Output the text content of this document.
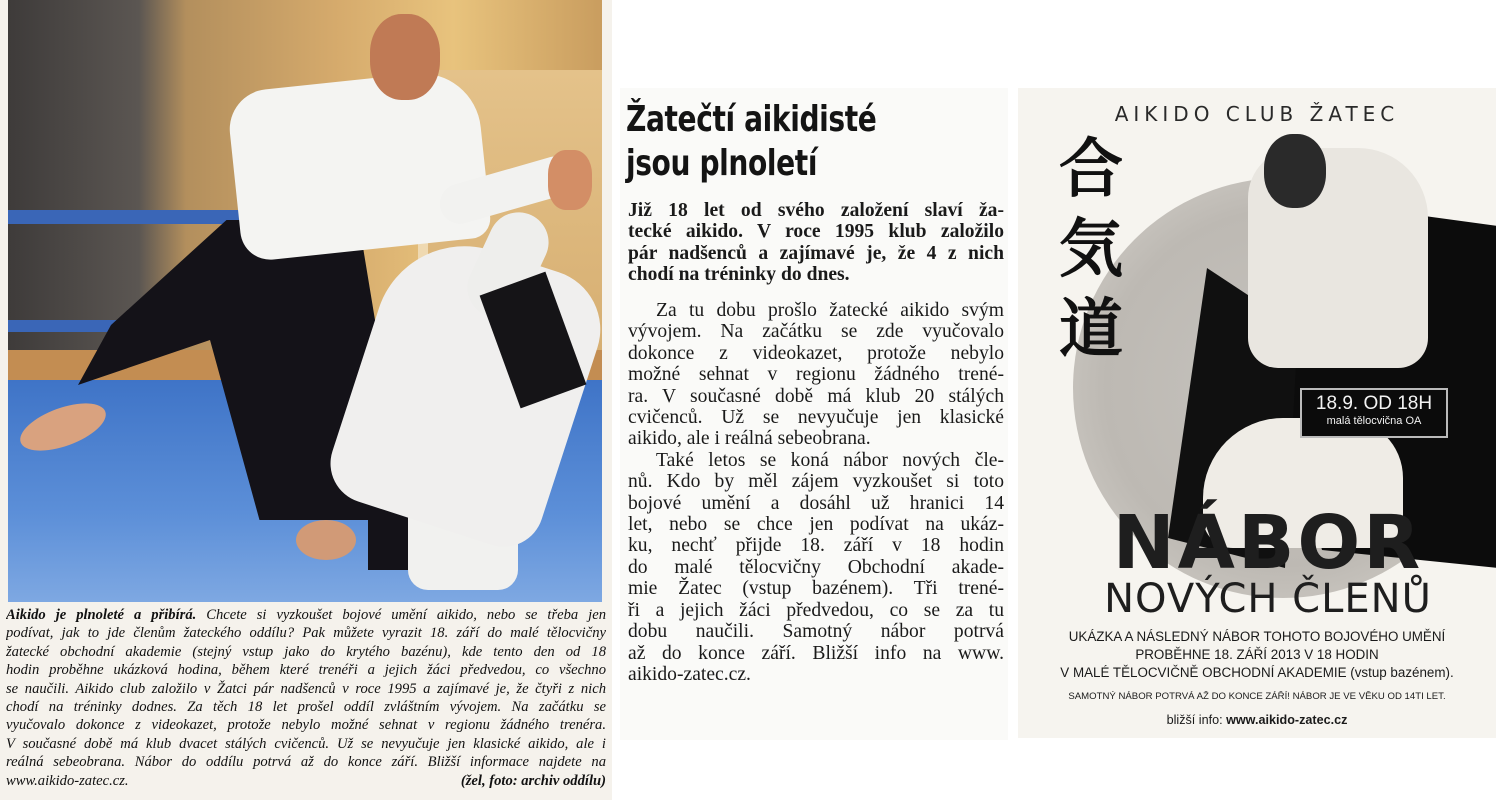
Aikido je plnoleté a přibírá. Chcete si vyzkoušet bojové umění aikido, nebo se třeba jen
podívat, jak to jde členům žateckého oddílu? Pak můžete vyrazit 18. září do malé tělocvičny
žatecké obchodní akademie (stejný vstup jako do krytého bazénu), kde tento den od 18
hodin proběhne ukázková hodina, během které trenéři a jejich žáci předvedou, co všechno
se naučili. Aikido club založilo v Žatci pár nadšenců v roce 1995 a zajímavé je, že čtyři z nich
chodí na tréninky dodnes. Za těch 18 let prošel oddíl zvláštním vývojem. Na začátku se
vyučovalo dokonce z videokazet, protože nebylo možné sehnat v regionu žádného trenéra.
V současné době má klub dvacet stálých cvičenců. Už se nevyučuje jen klasické aikido, ale i
reálná sebeobrana. Nábor do oddílu potrvá až do konce září. Bližší informace najdete na
www.aikido-zatec.cz.	(žel, foto: archiv oddílu)
Žatečtí aikidisté
jsou plnoletí
Již 18 let od svého založení slaví ža-
tecké aikido. V roce 1995 klub založilo
pár nadšenců a zajímavé je, že 4 z nich
chodí na tréninky do dnes.
Za tu dobu prošlo žatecké aikido svým
vývojem. Na začátku se zde vyučovalo
dokonce z videokazet, protože nebylo
možné sehnat v regionu žádného trené-
ra. V současné době má klub 20 stálých
cvičenců. Už se nevyučuje jen klasické
aikido, ale i reálná sebeobrana.
Také letos se koná nábor nových čle-
nů. Kdo by měl zájem vyzkoušet si toto
bojové umění a dosáhl už hranici 14
let, nebo se chce jen podívat na ukáz-
ku, nechť přijde 18. září v 18 hodin
do malé tělocvičny Obchodní akade-
mie Žatec (vstup bazénem). Tři trené-
ři a jejich žáci předvedou, co se za tu
dobu naučili. Samotný nábor potrvá
až do konce září. Bližší info na www.
aikido-zatec.cz.
AIKIDO CLUB ŽATEC
合
気
道
18.9. OD 18H
malá tělocvična OA
NÁBOR
NOVÝCH ČLENŮ
UKÁZKA A NÁSLEDNÝ NÁBOR TOHOTO BOJOVÉHO UMĚNÍ
PROBĚHNE 18. ZÁŘÍ 2013 V 18 HODIN
V MALÉ TĚLOCVIČNĚ OBCHODNÍ AKADEMIE (vstup bazénem).
SAMOTNÝ NÁBOR POTRVÁ AŽ DO KONCE ZÁŘÍ! NÁBOR JE VE VĚKU OD 14TI LET.
bližší info: www.aikido-zatec.cz
